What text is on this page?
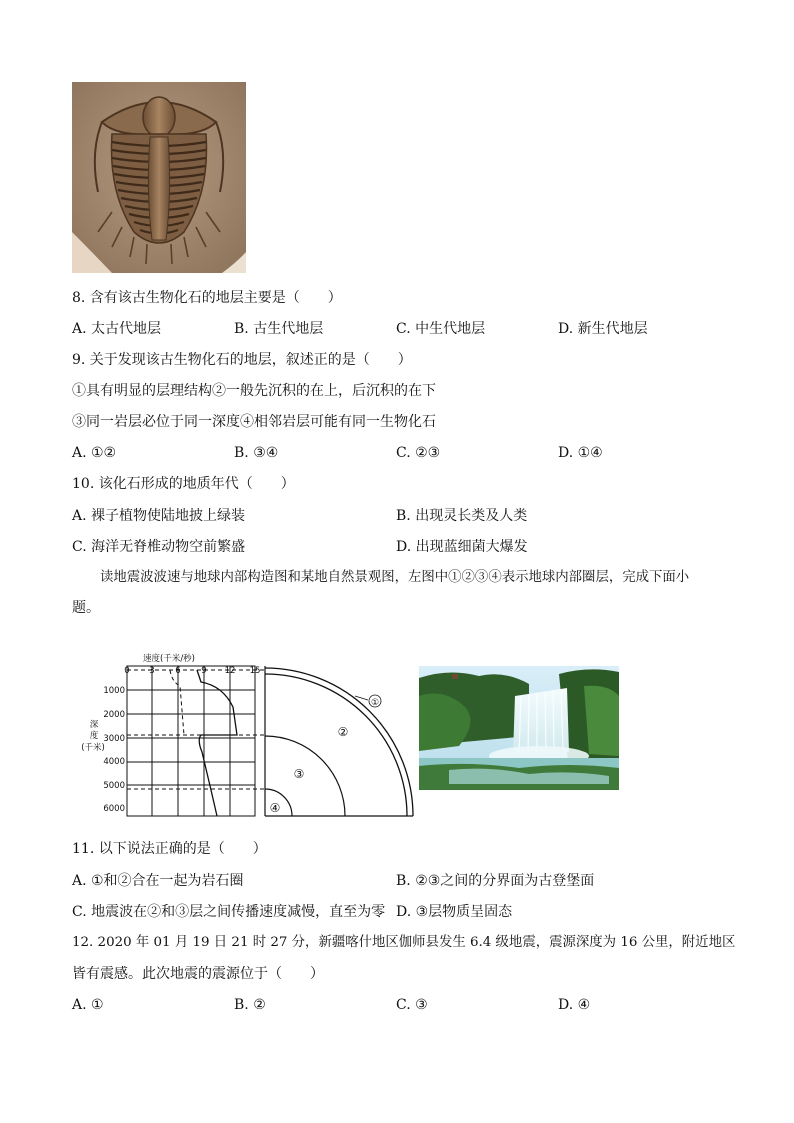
8. 含有该古生物化石的地层主要是（　　）
A. 太古代地层	B. 古生代地层	C. 中生代地层	D. 新生代地层
9. 关于发现该古生物化石的地层，叙述正的是（　　）
①具有明显的层理结构②一般先沉积的在上，后沉积的在下
③同一岩层必位于同一深度④相邻岩层可能有同一生物化石
A. ①②	B. ③④	C. ②③	D. ①④
10. 该化石形成的地质年代（　　）
A. 裸子植物使陆地披上绿装	B. 出现灵长类及人类
C. 海洋无脊椎动物空前繁盛	D. 出现蓝细菌大爆发
读地震波波速与地球内部构造图和某地自然景观图，左图中①②③④表示地球内部圈层，完成下面小
题。
速度(千米/秒)
0 3 6 9 12 15
1000
2000
3000
4000
5000
6000
深
度
(千米)
①
②
③
④
11. 以下说法正确的是（　　）
A. ①和②合在一起为岩石圈	B. ②③之间的分界面为古登堡面
C. 地震波在②和③层之间传播速度减慢，直至为零 D. ③层物质呈固态
12. 2020 年 01 月 19 日 21 时 27 分，新疆喀什地区伽师县发生 6.4 级地震，震源深度为 16 公里，附近地区
皆有震感。此次地震的震源位于（　　）
A. ①	B. ②	C. ③	D. ④
